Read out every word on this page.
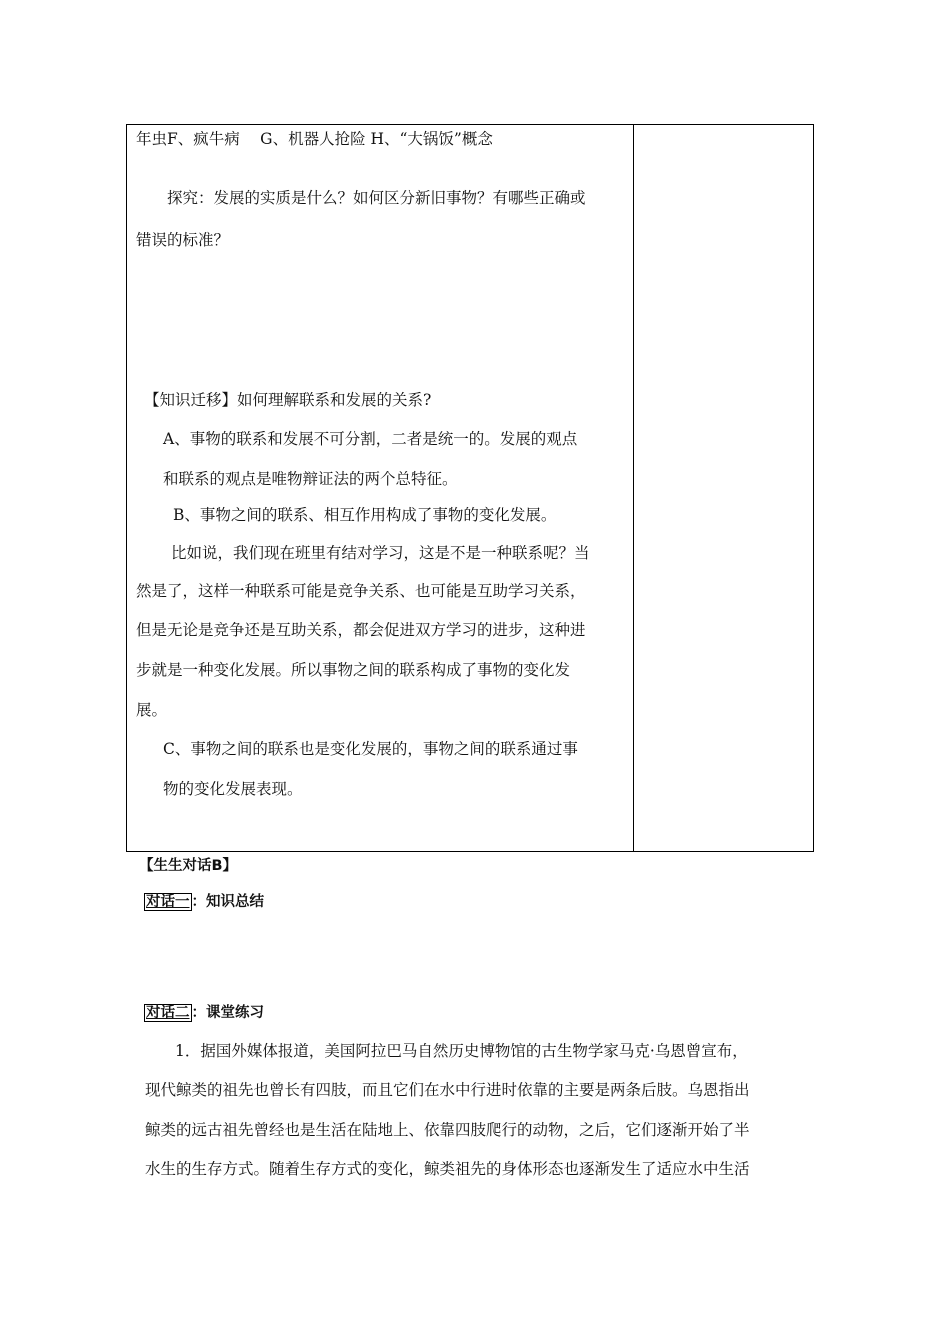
年虫F、疯牛病　 G、机器人抢险 H、“大锅饭”概念
探究：发展的实质是什么？如何区分新旧事物？有哪些正确或
错误的标准？
【知识迁移】如何理解联系和发展的关系?
A、事物的联系和发展不可分割，二者是统一的。发展的观点
和联系的观点是唯物辩证法的两个总特征。
B、事物之间的联系、相互作用构成了事物的变化发展。
比如说，我们现在班里有结对学习，这是不是一种联系呢？当
然是了，这样一种联系可能是竞争关系、也可能是互助学习关系，
但是无论是竞争还是互助关系，都会促进双方学习的进步，这种进
步就是一种变化发展。所以事物之间的联系构成了事物的变化发
展。
C、事物之间的联系也是变化发展的，事物之间的联系通过事
物的变化发展表现。
【生生对话B】
对话一 ：知识总结
对话二 ：课堂练习
1．据国外媒体报道，美国阿拉巴马自然历史博物馆的古生物学家马克·乌恩曾宣布，
现代鲸类的祖先也曾长有四肢，而且它们在水中行进时依靠的主要是两条后肢。乌恩指出
鲸类的远古祖先曾经也是生活在陆地上、依靠四肢爬行的动物，之后，它们逐渐开始了半
水生的生存方式。随着生存方式的变化，鲸类祖先的身体形态也逐渐发生了适应水中生活
